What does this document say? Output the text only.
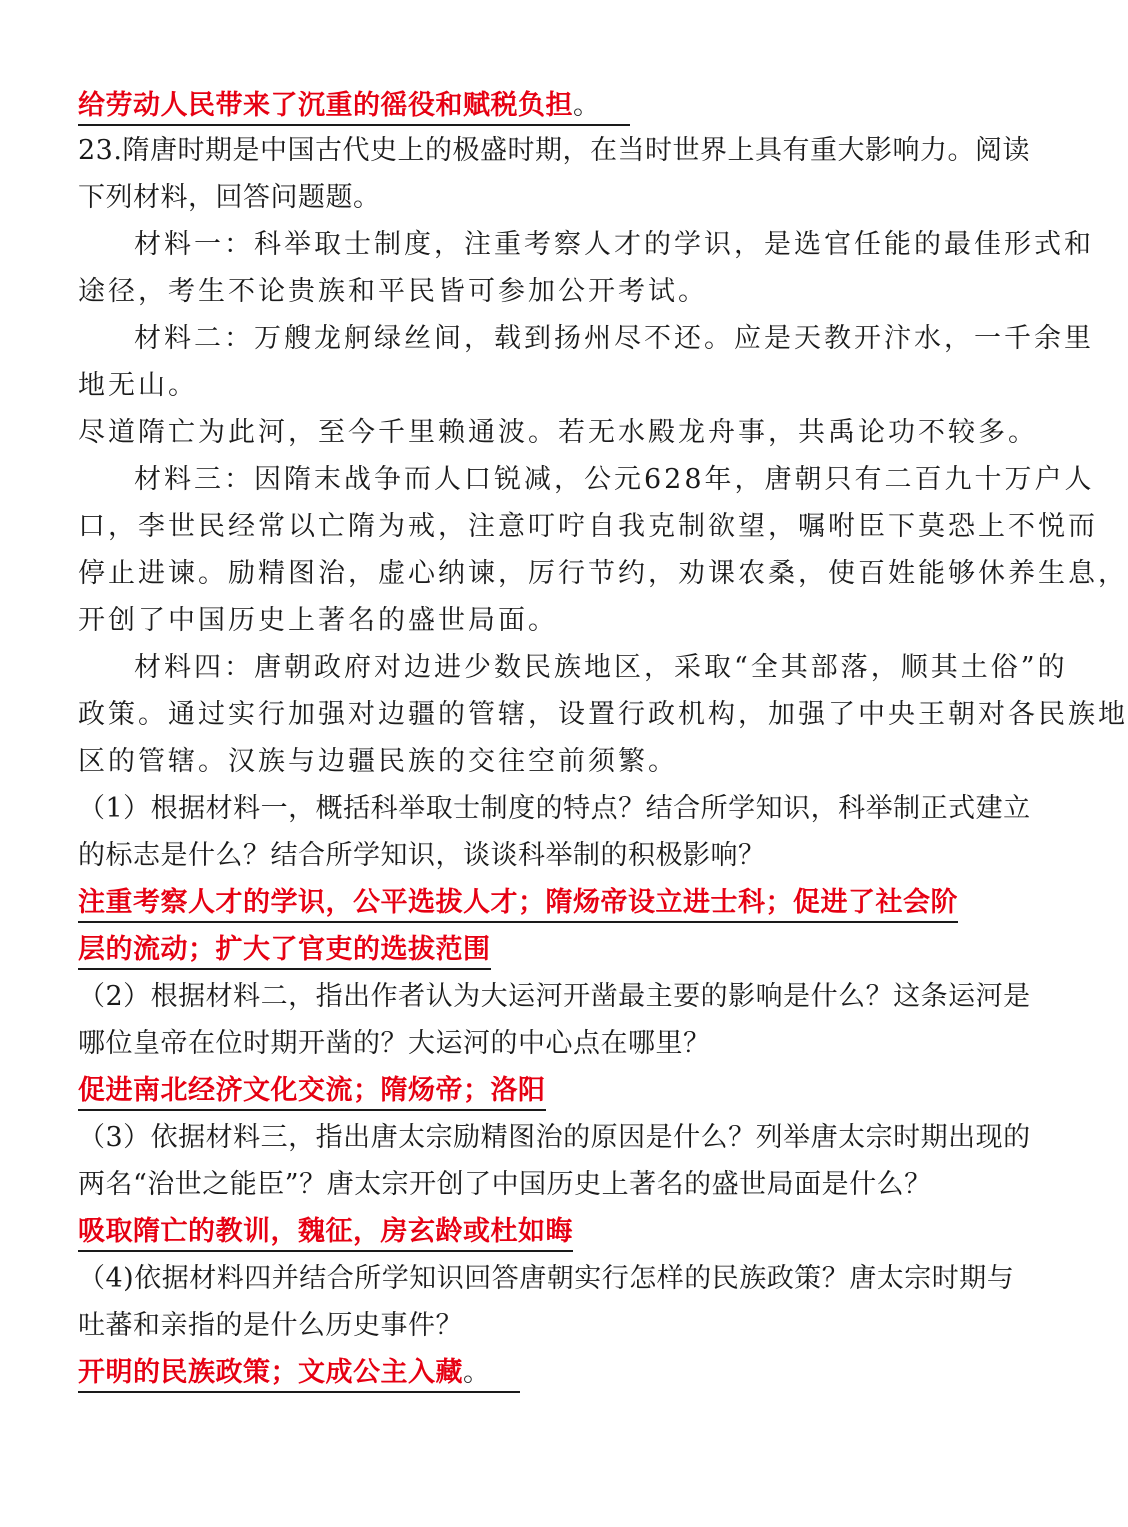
给劳动人民带来了沉重的徭役和赋税负担。
23.隋唐时期是中国古代史上的极盛时期，在当时世界上具有重大影响力。阅读
下列材料，回答问题题。
材料一：科举取士制度，注重考察人才的学识，是选官任能的最佳形式和
途径，考生不论贵族和平民皆可参加公开考试。
材料二：万艘龙舸绿丝间，载到扬州尽不还。应是天教开汴水，一千余里
地无山。
尽道隋亡为此河，至今千里赖通波。若无水殿龙舟事，共禹论功不较多。
材料三：因隋末战争而人口锐减，公元628年，唐朝只有二百九十万户人
口，李世民经常以亡隋为戒，注意叮咛自我克制欲望，嘱咐臣下莫恐上不悦而
停止进谏。励精图治，虚心纳谏，厉行节约，劝课农桑，使百姓能够休养生息，
开创了中国历史上著名的盛世局面。
材料四：唐朝政府对边进少数民族地区，采取“全其部落，顺其土俗”的
政策。通过实行加强对边疆的管辖，设置行政机构，加强了中央王朝对各民族地
区的管辖。汉族与边疆民族的交往空前须繁。
（1）根据材料一，概括科举取士制度的特点？结合所学知识，科举制正式建立
的标志是什么？结合所学知识，谈谈科举制的积极影响？
注重考察人才的学识，公平选拔人才；隋炀帝设立进士科；促进了社会阶
层的流动；扩大了官吏的选拔范围
（2）根据材料二，指出作者认为大运河开凿最主要的影响是什么？这条运河是
哪位皇帝在位时期开凿的？大运河的中心点在哪里？
促进南北经济文化交流；隋炀帝；洛阳
（3）依据材料三，指出唐太宗励精图治的原因是什么？列举唐太宗时期出现的
两名“治世之能臣”？唐太宗开创了中国历史上著名的盛世局面是什么？
吸取隋亡的教训，魏征，房玄龄或杜如晦
（4)依据材料四并结合所学知识回答唐朝实行怎样的民族政策？唐太宗时期与
吐蕃和亲指的是什么历史事件？
开明的民族政策；文成公主入藏。
